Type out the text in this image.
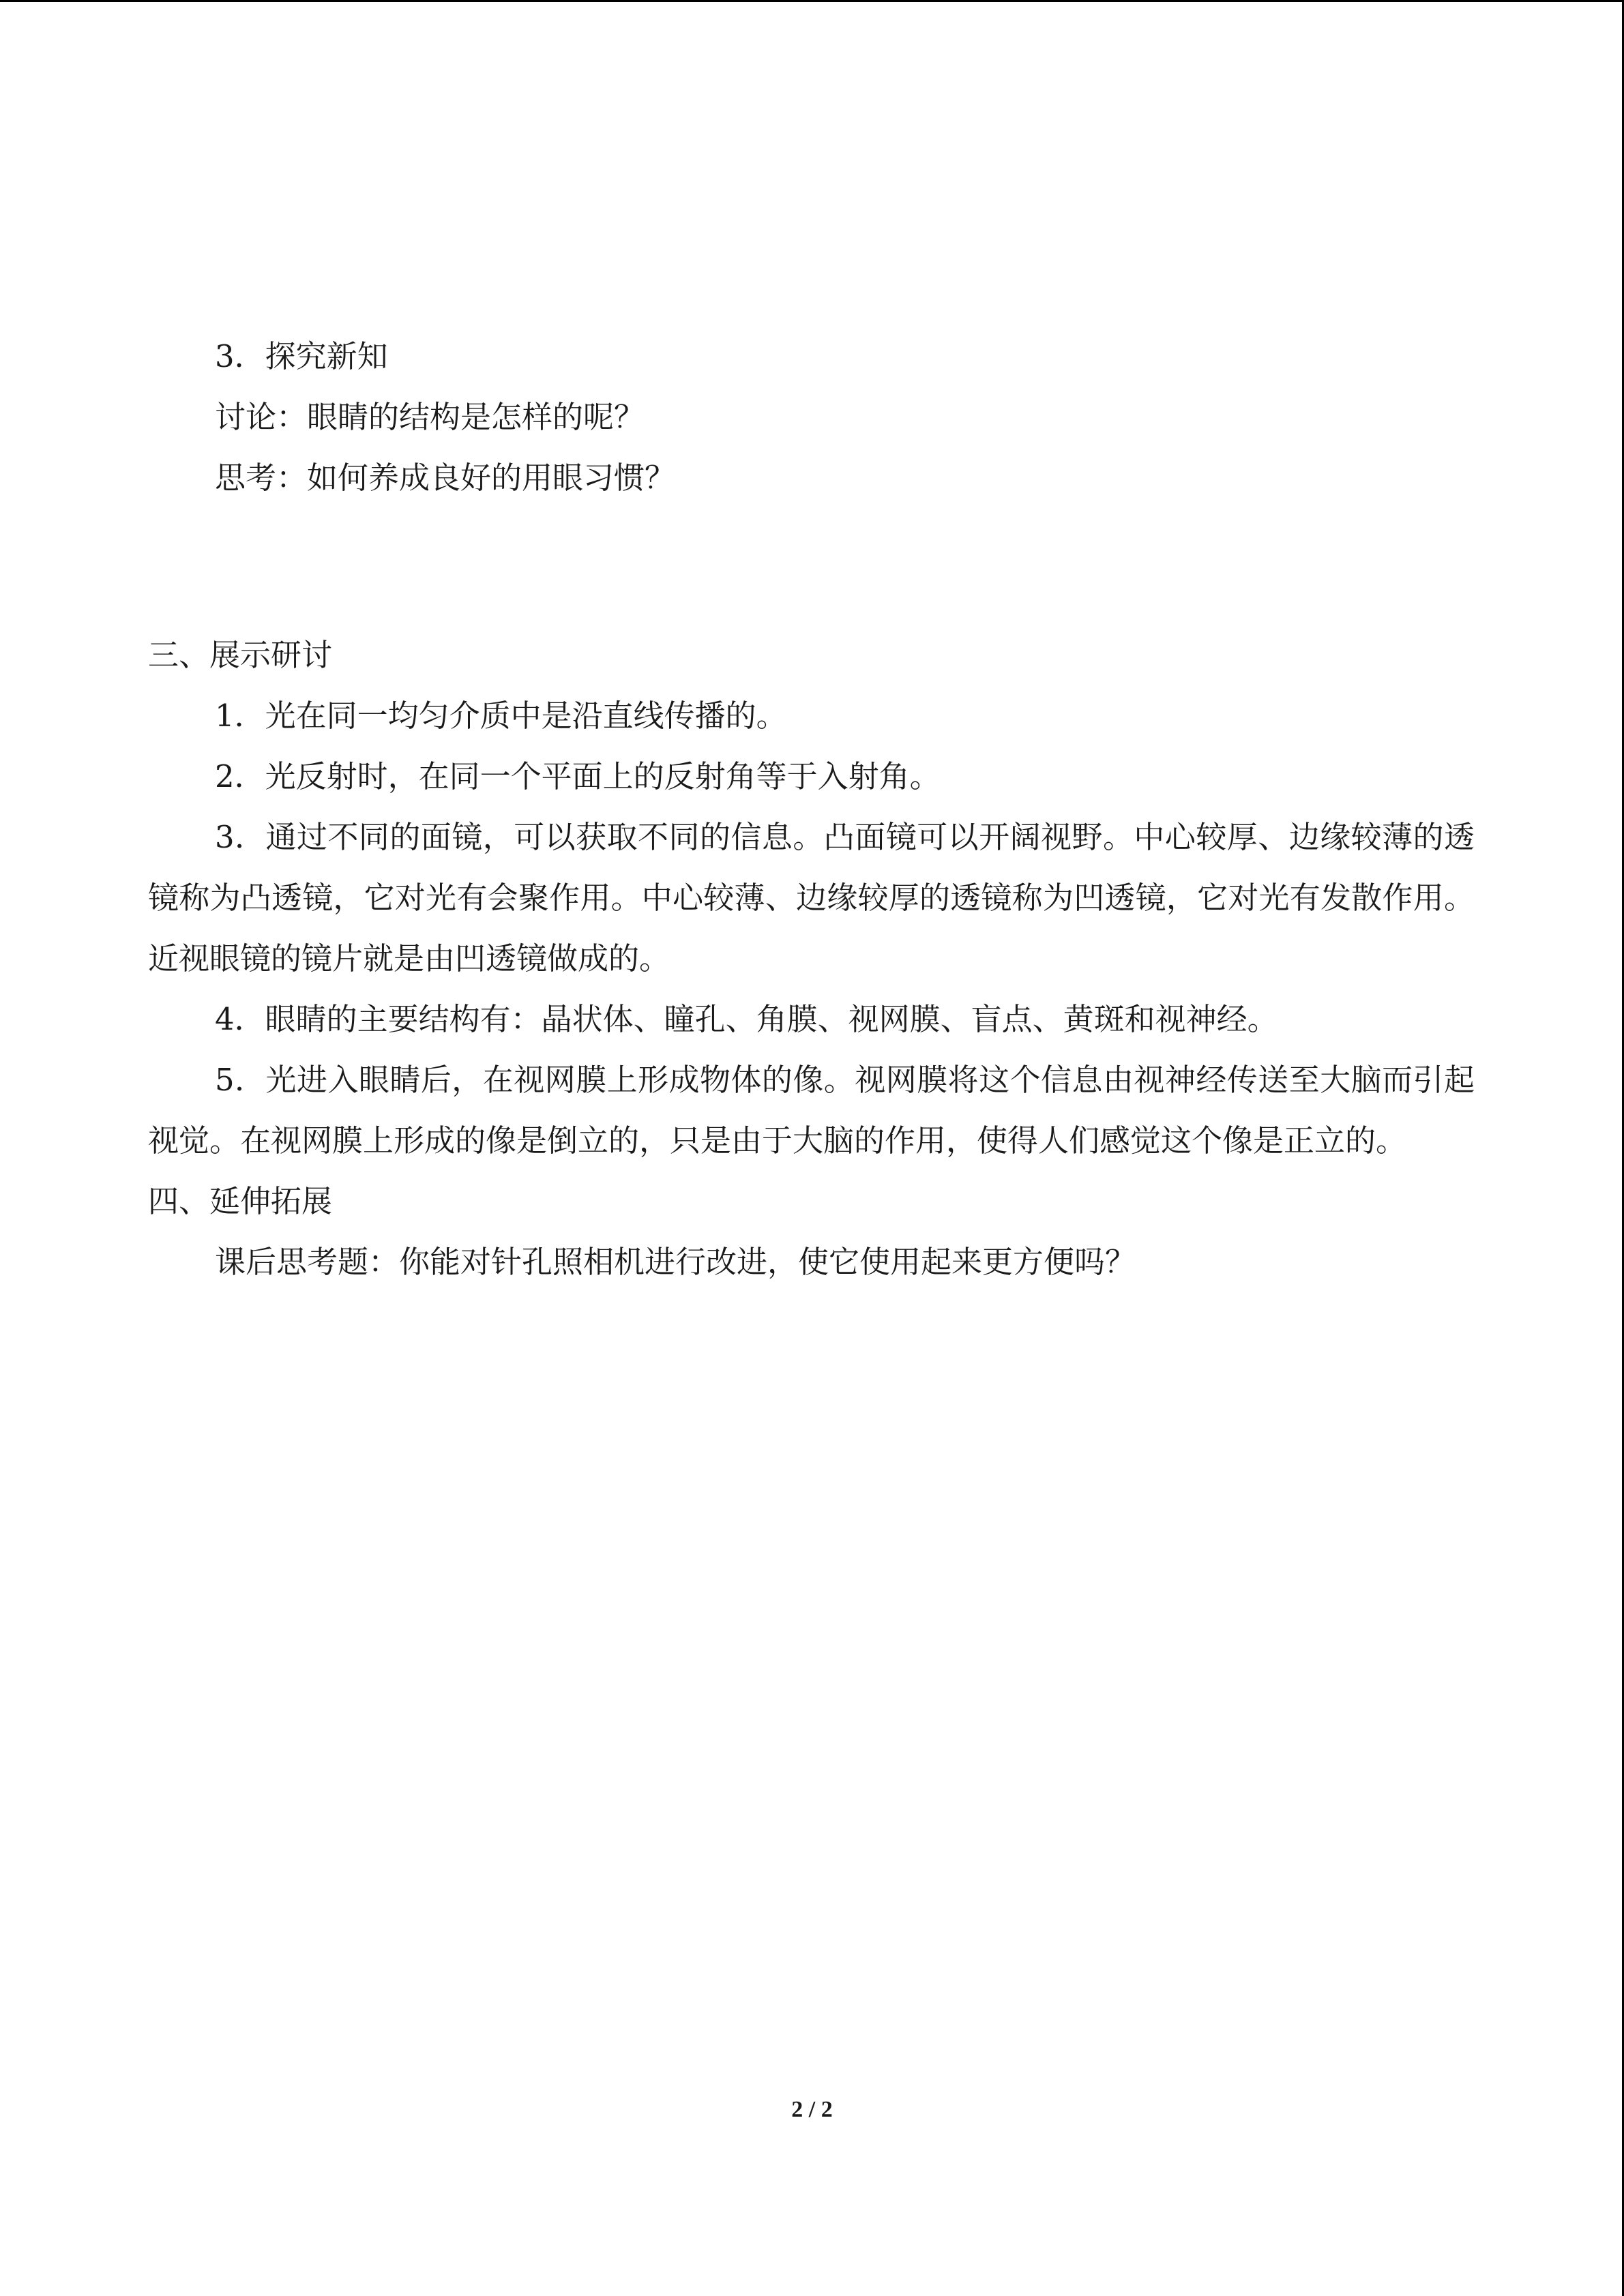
3．探究新知
讨论：眼睛的结构是怎样的呢？
思考：如何养成良好的用眼习惯？
三、展示研讨
1．光在同一均匀介质中是沿直线传播的。
2．光反射时，在同一个平面上的反射角等于入射角。
3．通过不同的面镜，可以获取不同的信息。凸面镜可以开阔视野。中心较厚、边缘较薄的透镜称为凸透镜，它对光有会聚作用。中心较薄、边缘较厚的透镜称为凹透镜，它对光有发散作用。近视眼镜的镜片就是由凹透镜做成的。
4．眼睛的主要结构有：晶状体、瞳孔、角膜、视网膜、盲点、黄斑和视神经。
5．光进入眼睛后，在视网膜上形成物体的像。视网膜将这个信息由视神经传送至大脑而引起视觉。在视网膜上形成的像是倒立的，只是由于大脑的作用，使得人们感觉这个像是正立的。
四、延伸拓展
课后思考题：你能对针孔照相机进行改进，使它使用起来更方便吗？
2 / 2
